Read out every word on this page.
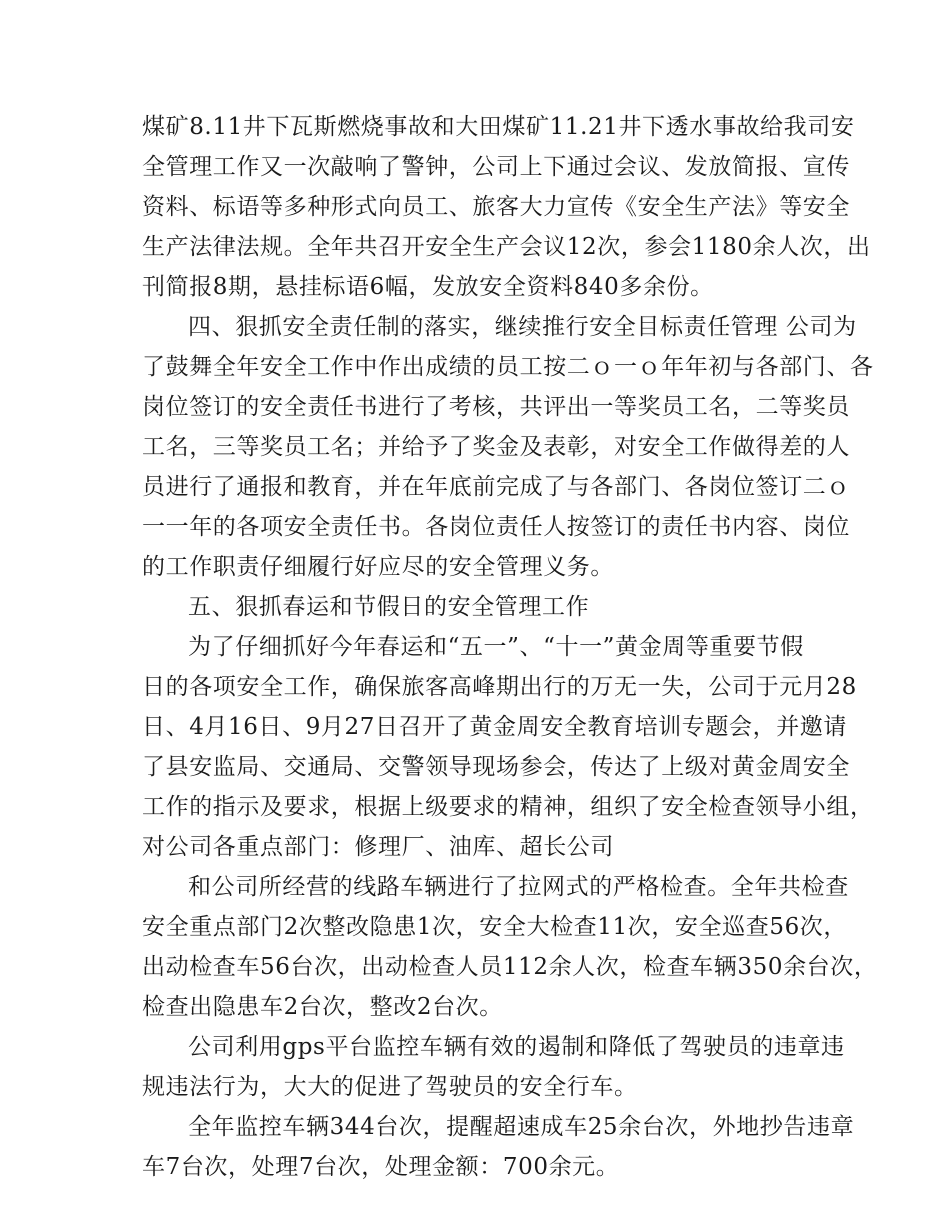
煤矿8.11井下瓦斯燃烧事故和大田煤矿11.21井下透水事故给我司安
全管理工作又一次敲响了警钟，公司上下通过会议、发放简报、宣传
资料、标语等多种形式向员工、旅客大力宣传《安全生产法》等安全
生产法律法规。全年共召开安全生产会议12次，参会1180余人次，出
刊简报8期，悬挂标语6幅，发放安全资料840多余份。
四、狠抓安全责任制的落实，继续推行安全目标责任管理 公司为
了鼓舞全年安全工作中作出成绩的员工按二ｏ一ｏ年年初与各部门、各
岗位签订的安全责任书进行了考核，共评出一等奖员工名，二等奖员
工名，三等奖员工名；并给予了奖金及表彰，对安全工作做得差的人
员进行了通报和教育，并在年底前完成了与各部门、各岗位签订二ｏ
一一年的各项安全责任书。各岗位责任人按签订的责任书内容、岗位
的工作职责仔细履行好应尽的安全管理义务。
五、狠抓春运和节假日的安全管理工作
为了仔细抓好今年春运和“五一”、“十一”黄金周等重要节假
日的各项安全工作，确保旅客高峰期出行的万无一失，公司于元月28
日、4月16日、9月27日召开了黄金周安全教育培训专题会，并邀请
了县安监局、交通局、交警领导现场参会，传达了上级对黄金周安全
工作的指示及要求，根据上级要求的精神，组织了安全检查领导小组，
对公司各重点部门：修理厂、油库、超长公司
和公司所经营的线路车辆进行了拉网式的严格检查。全年共检查
安全重点部门2次整改隐患1次，安全大检查11次，安全巡查56次，
出动检查车56台次，出动检查人员112余人次，检查车辆350余台次，
检查出隐患车2台次，整改2台次。
公司利用gps平台监控车辆有效的遏制和降低了驾驶员的违章违
规违法行为，大大的促进了驾驶员的安全行车。
全年监控车辆344台次，提醒超速成车25余台次，外地抄告违章
车7台次，处理7台次，处理金额：700余元。
